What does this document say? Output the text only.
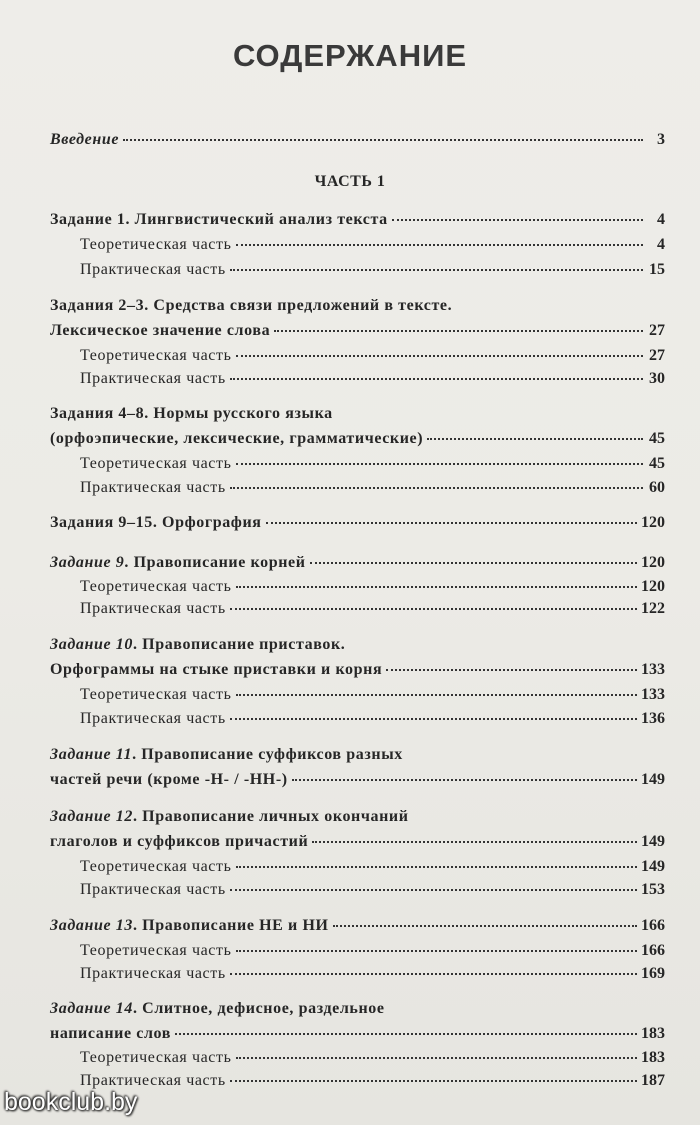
СОДЕРЖАНИЕ
Введение	3
ЧАСТЬ 1
Задание 1. Лингвистический анализ текста	4
Теоретическая часть	4
Практическая часть	15
Задания 2–3. Средства связи предложений в тексте.
Лексическое значение слова	27
Теоретическая часть	27
Практическая часть	30
Задания 4–8. Нормы русского языка
(орфоэпические, лексические, грамматические)	45
Теоретическая часть	45
Практическая часть	60
Задания 9–15. Орфография	120
Задание 9. Правописание корней	120
Теоретическая часть	120
Практическая часть	122
Задание 10. Правописание приставок.
Орфограммы на стыке приставки и корня	133
Теоретическая часть	133
Практическая часть	136
Задание 11. Правописание суффиксов разных
частей речи (кроме -Н- / -НН-)	149
Задание 12. Правописание личных окончаний
глаголов и суффиксов причастий	149
Теоретическая часть	149
Практическая часть	153
Задание 13. Правописание НЕ и НИ	166
Теоретическая часть	166
Практическая часть	169
Задание 14. Слитное, дефисное, раздельное
написание слов	183
Теоретическая часть	183
Практическая часть	187
bookclub.by
